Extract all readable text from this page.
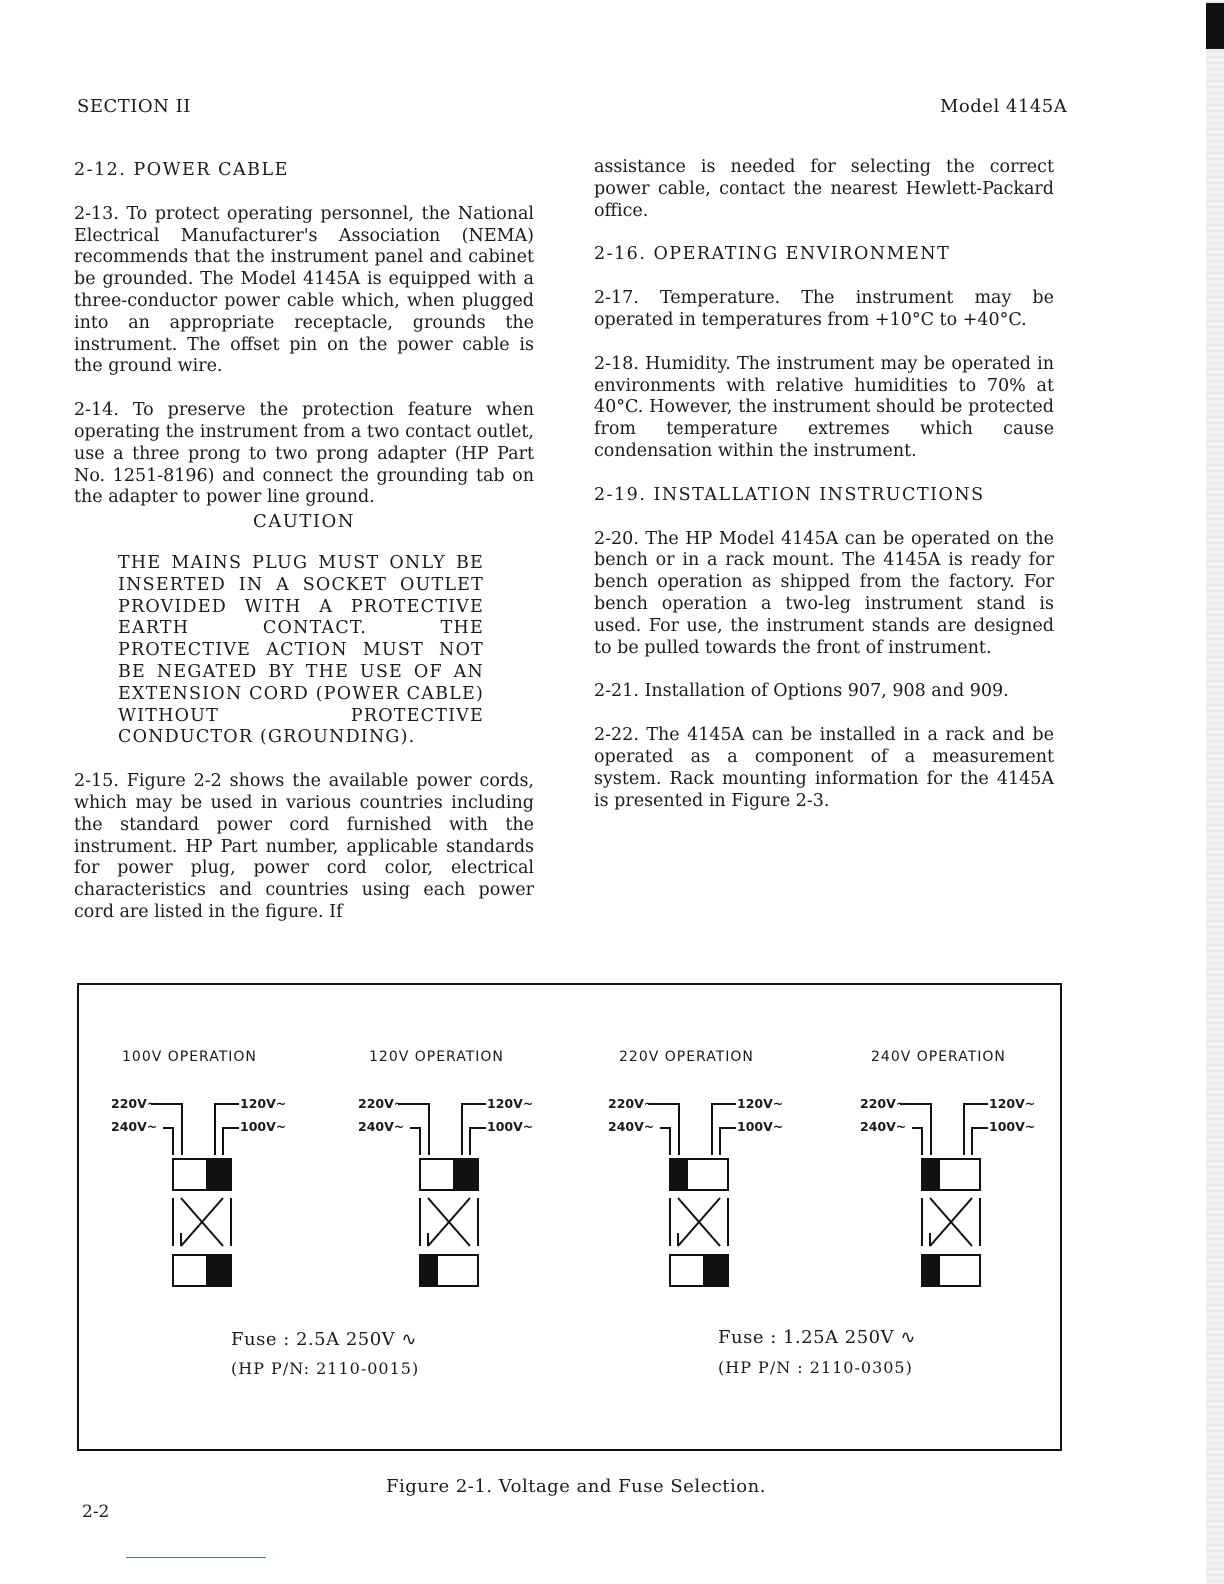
SECTION II	Model 4145A

2-12. POWER CABLE

2-13. To protect operating personnel, the National Electrical Manufacturer's Association (NEMA) recommends that the instrument panel and cabinet be grounded. The Model 4145A is equipped with a three-conductor power cable which, when plugged into an appropriate receptacle, grounds the instrument. The offset pin on the power cable is the ground wire.

2-14. To preserve the protection feature when operating the instrument from a two contact outlet, use a three prong to two prong adapter (HP Part No. 1251-8196) and connect the grounding tab on the adapter to power line ground.

CAUTION

THE MAINS PLUG MUST ONLY BE INSERTED IN A SOCKET OUTLET PROVIDED WITH A PROTECTIVE EARTH CONTACT. THE PROTECTIVE ACTION MUST NOT BE NEGATED BY THE USE OF AN EXTENSION CORD (POWER CABLE) WITHOUT PROTECTIVE CONDUCTOR (GROUNDING).

2-15. Figure 2-2 shows the available power cords, which may be used in various countries including the standard power cord furnished with the instrument. HP Part number, applicable standards for power plug, power cord color, electrical characteristics and countries using each power cord are listed in the figure. If

assistance is needed for selecting the correct power cable, contact the nearest Hewlett-Packard office.

2-16. OPERATING ENVIRONMENT

2-17. Temperature. The instrument may be operated in temperatures from +10°C to +40°C.

2-18. Humidity. The instrument may be operated in environments with relative humidities to 70% at 40°C. However, the instrument should be protected from temperature extremes which cause condensation within the instrument.

2-19. INSTALLATION INSTRUCTIONS

2-20. The HP Model 4145A can be operated on the bench or in a rack mount. The 4145A is ready for bench operation as shipped from the factory. For bench operation a two-leg instrument stand is used. For use, the instrument stands are designed to be pulled towards the front of instrument.

2-21. Installation of Options 907, 908 and 909.

2-22. The 4145A can be installed in a rack and be operated as a component of a measurement system. Rack mounting information for the 4145A is presented in Figure 2-3.

100V OPERATION
220V~
240V~
120V~
100V~
120V OPERATION
220V~
240V~
120V~
100V~
220V OPERATION
220V~
240V~
120V~
100V~
240V OPERATION
220V~
240V~
120V~
100V~
Fuse : 2.5A 250V ∿
(HP P/N: 2110-0015)
Fuse : 1.25A 250V ∿
(HP P/N : 2110-0305)
Figure 2-1. Voltage and Fuse Selection.
2-2
